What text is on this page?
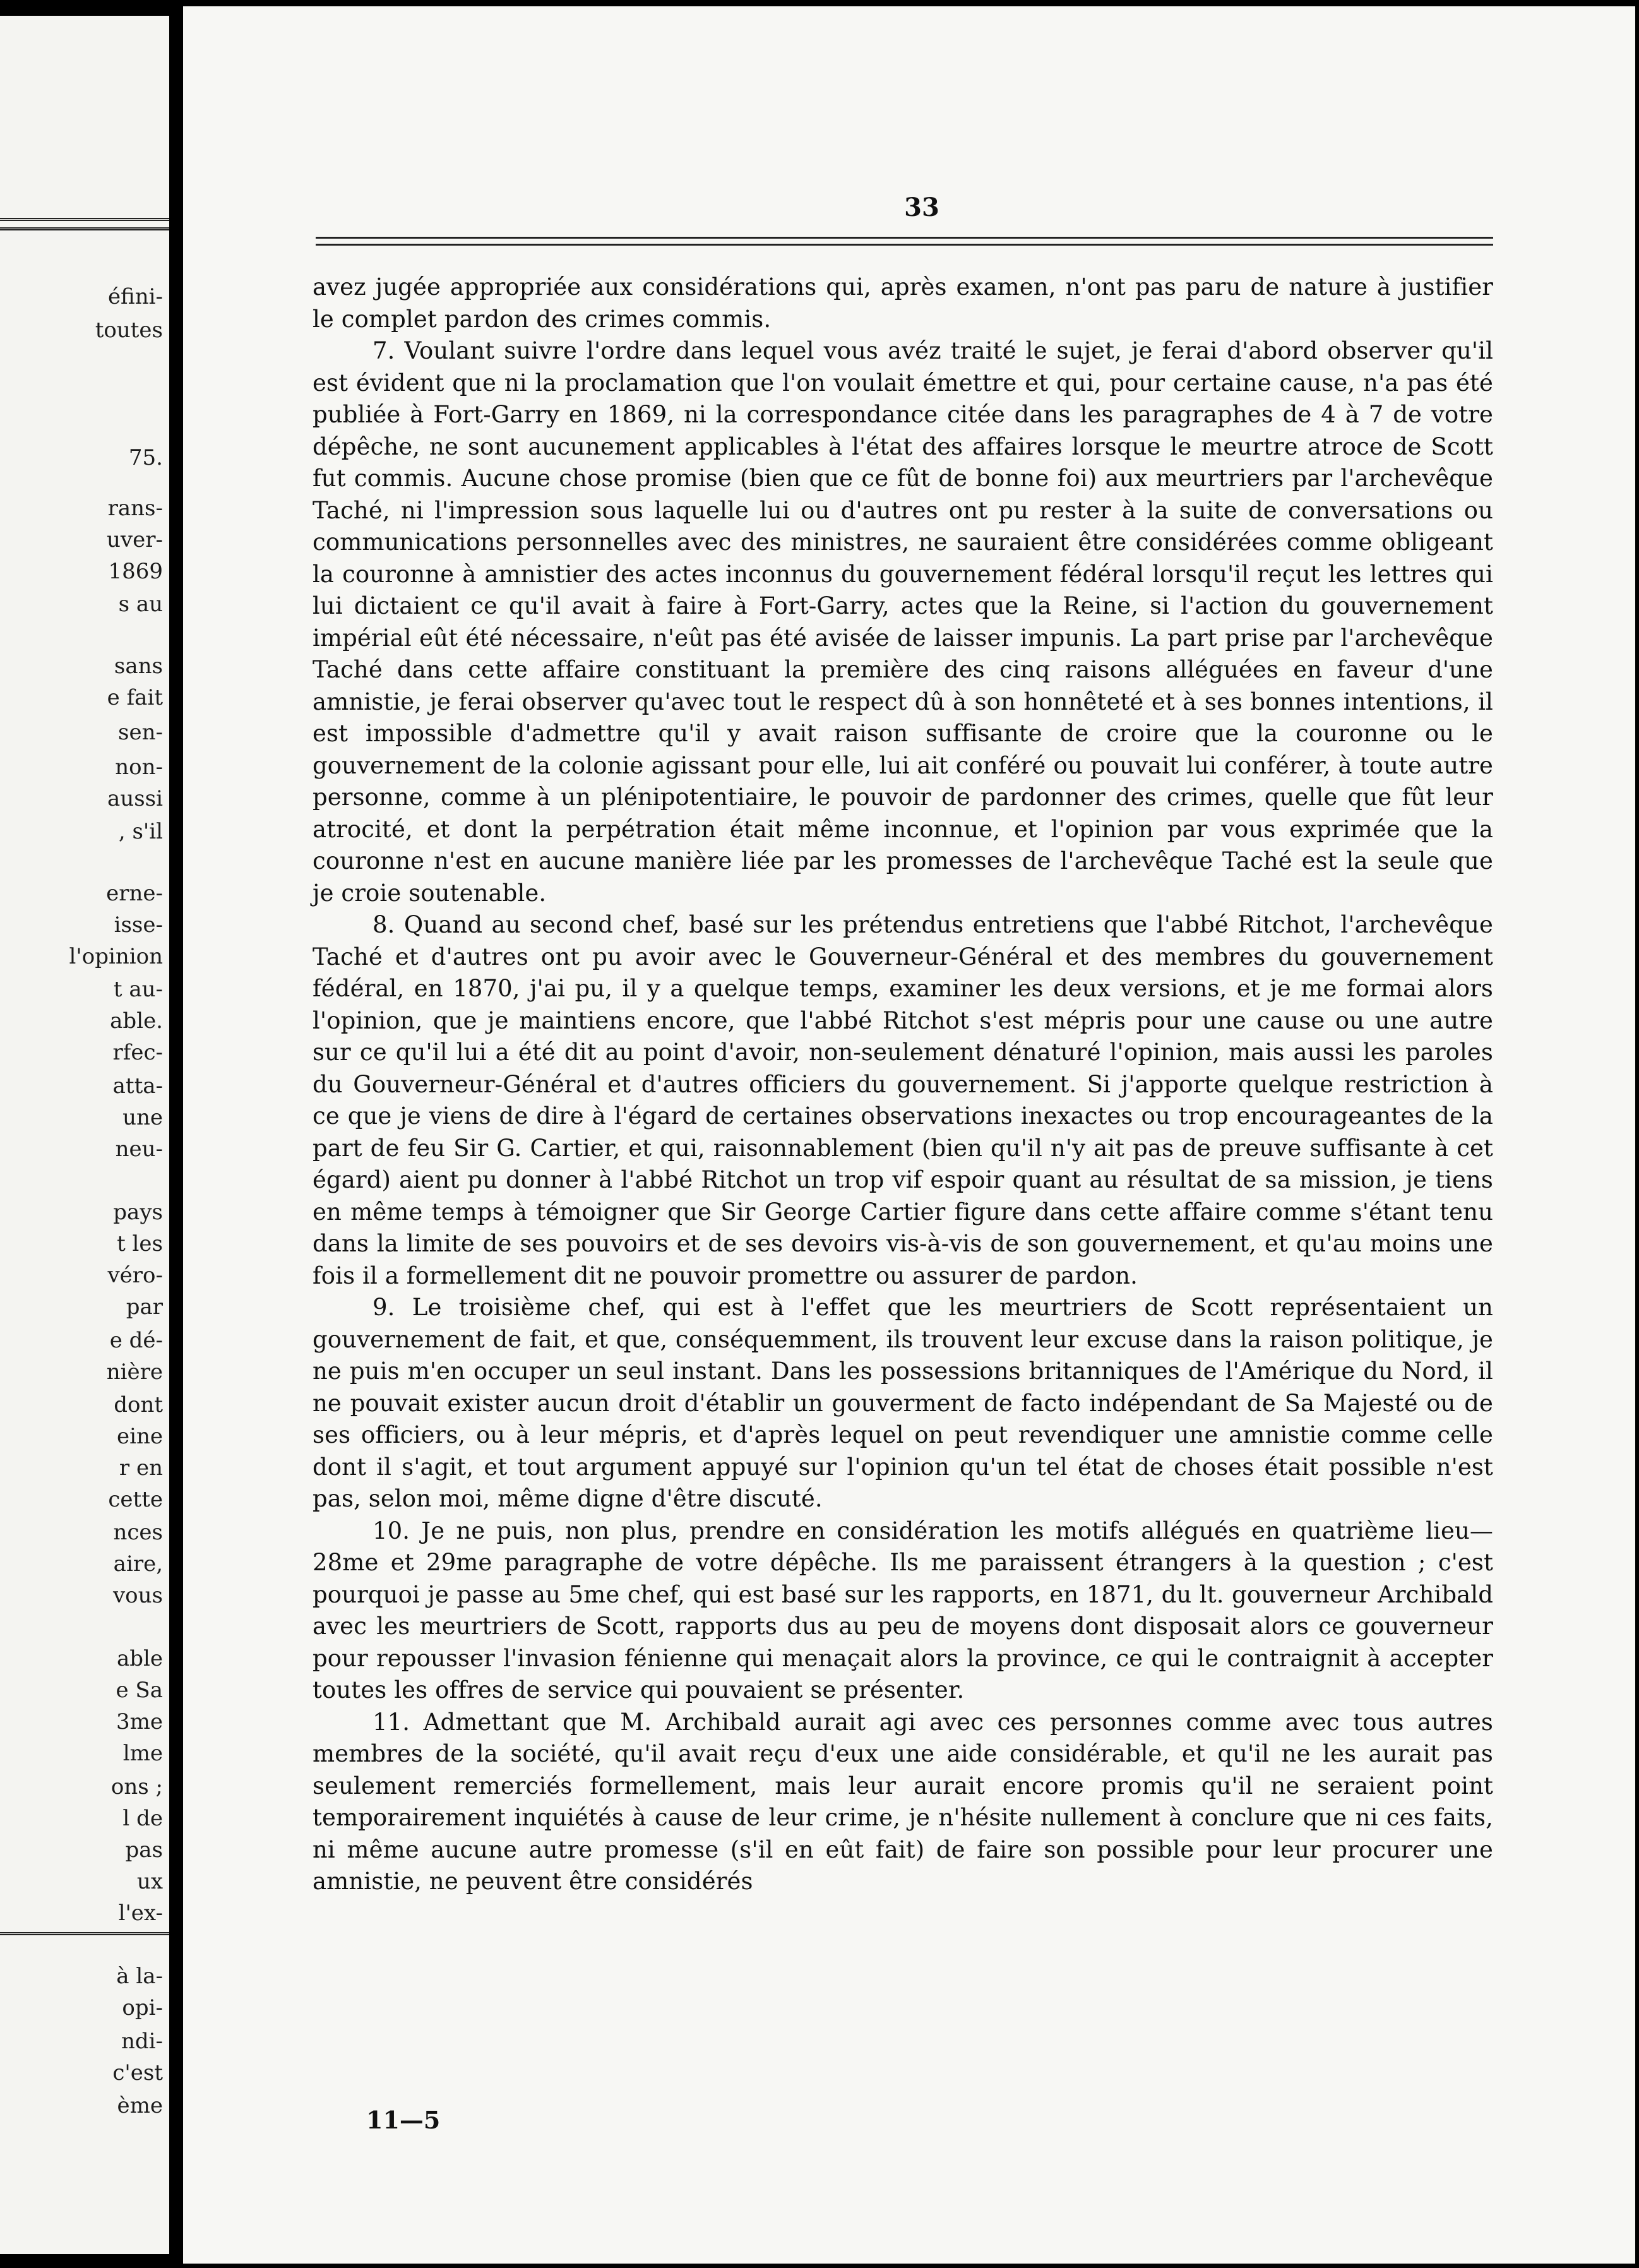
éfini-
toutes
75.
rans-
uver-
1869
s au
sans
e fait
sen-
non-
aussi
, s'il
erne-
isse-
l'opinion
t au-
able.
rfec-
atta-
une
neu-
pays
t les
véro-
par
e dé-
nière
dont
eine
r en
cette
nces
aire,
vous
able
e Sa
3me
lme
ons ;
l de
pas
ux
l'ex-
à la-
opi-
ndi-
c'est
ème
33

avez jugée appropriée aux considérations qui, après examen, n'ont pas paru de nature à justifier le complet pardon des crimes commis.

7. Voulant suivre l'ordre dans lequel vous avéz traité le sujet, je ferai d'abord observer qu'il est évident que ni la proclamation que l'on voulait émettre et qui, pour certaine cause, n'a pas été publiée à Fort-Garry en 1869, ni la correspondance citée dans les paragraphes de 4 à 7 de votre dépêche, ne sont aucunement applicables à l'état des affaires lorsque le meurtre atroce de Scott fut commis. Aucune chose promise (bien que ce fût de bonne foi) aux meurtriers par l'archevêque Taché, ni l'impression sous laquelle lui ou d'autres ont pu rester à la suite de conversations ou communications personnelles avec des ministres, ne sauraient être considérées comme obligeant la couronne à amnistier des actes inconnus du gouvernement fédéral lorsqu'il reçut les lettres qui lui dictaient ce qu'il avait à faire à Fort-Garry, actes que la Reine, si l'action du gouvernement impérial eût été nécessaire, n'eût pas été avisée de laisser impunis. La part prise par l'archevêque Taché dans cette affaire constituant la première des cinq raisons alléguées en faveur d'une amnistie, je ferai observer qu'avec tout le respect dû à son honnêteté et à ses bonnes intentions, il est impossible d'admettre qu'il y avait raison suffisante de croire que la couronne ou le gouvernement de la colonie agissant pour elle, lui ait conféré ou pouvait lui conférer, à toute autre personne, comme à un plénipotentiaire, le pouvoir de pardonner des crimes, quelle que fût leur atrocité, et dont la perpétration était même inconnue, et l'opinion par vous exprimée que la couronne n'est en aucune manière liée par les promesses de l'archevêque Taché est la seule que je croie soutenable.

8. Quand au second chef, basé sur les prétendus entretiens que l'abbé Ritchot, l'archevêque Taché et d'autres ont pu avoir avec le Gouverneur-Général et des membres du gouvernement fédéral, en 1870, j'ai pu, il y a quelque temps, examiner les deux versions, et je me formai alors l'opinion, que je maintiens encore, que l'abbé Ritchot s'est mépris pour une cause ou une autre sur ce qu'il lui a été dit au point d'avoir, non-seulement dénaturé l'opinion, mais aussi les paroles du Gouverneur-Général et d'autres officiers du gouvernement. Si j'apporte quelque restriction à ce que je viens de dire à l'égard de certaines observations inexactes ou trop encourageantes de la part de feu Sir G. Cartier, et qui, raisonnablement (bien qu'il n'y ait pas de preuve suffisante à cet égard) aient pu donner à l'abbé Ritchot un trop vif espoir quant au résultat de sa mission, je tiens en même temps à témoigner que Sir George Cartier figure dans cette affaire comme s'étant tenu dans la limite de ses pouvoirs et de ses devoirs vis-à-vis de son gouvernement, et qu'au moins une fois il a formellement dit ne pouvoir promettre ou assurer de pardon.

9. Le troisième chef, qui est à l'effet que les meurtriers de Scott représentaient un gouvernement de fait, et que, conséquemment, ils trouvent leur excuse dans la raison politique, je ne puis m'en occuper un seul instant. Dans les possessions britanniques de l'Amérique du Nord, il ne pouvait exister aucun droit d'établir un gouverment de facto indépendant de Sa Majesté ou de ses officiers, ou à leur mépris, et d'après lequel on peut revendiquer une amnistie comme celle dont il s'agit, et tout argument appuyé sur l'opinion qu'un tel état de choses était possible n'est pas, selon moi, même digne d'être discuté.

10. Je ne puis, non plus, prendre en considération les motifs allégués en quatrième lieu—28me et 29me paragraphe de votre dépêche. Ils me paraissent étrangers à la question ; c'est pourquoi je passe au 5me chef, qui est basé sur les rapports, en 1871, du lt. gouverneur Archibald avec les meurtriers de Scott, rapports dus au peu de moyens dont disposait alors ce gouverneur pour repousser l'invasion fénienne qui menaçait alors la province, ce qui le contraignit à accepter toutes les offres de service qui pouvaient se présenter.

11. Admettant que M. Archibald aurait agi avec ces personnes comme avec tous autres membres de la société, qu'il avait reçu d'eux une aide considérable, et qu'il ne les aurait pas seulement remerciés formellement, mais leur aurait encore promis qu'il ne seraient point temporairement inquiétés à cause de leur crime, je n'hésite nullement à conclure que ni ces faits, ni même aucune autre promesse (s'il en eût fait) de faire son possible pour leur procurer une amnistie, ne peuvent être considérés

11—5
